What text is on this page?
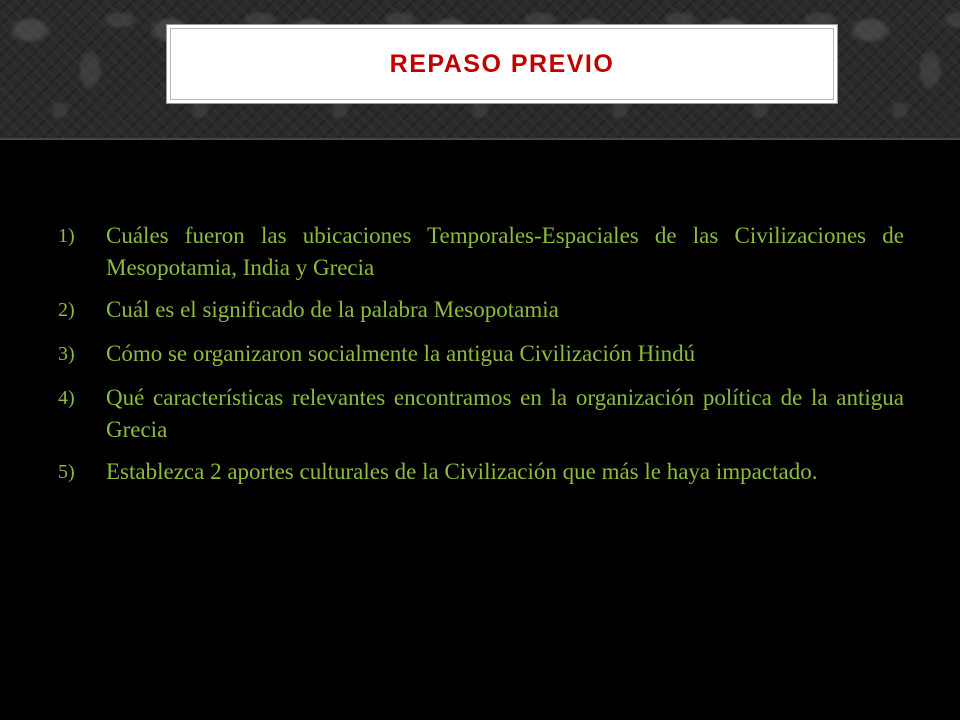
REPASO PREVIO
1)	Cuáles fueron las ubicaciones Temporales-Espaciales de las Civilizaciones de Mesopotamia, India y Grecia
2)	Cuál es el significado de la palabra Mesopotamia
3)	Cómo se organizaron socialmente la antigua Civilización Hindú
4)	Qué características relevantes encontramos en la organización política de la antigua Grecia
5)	Establezca 2 aportes culturales de la Civilización que más le haya impactado.
